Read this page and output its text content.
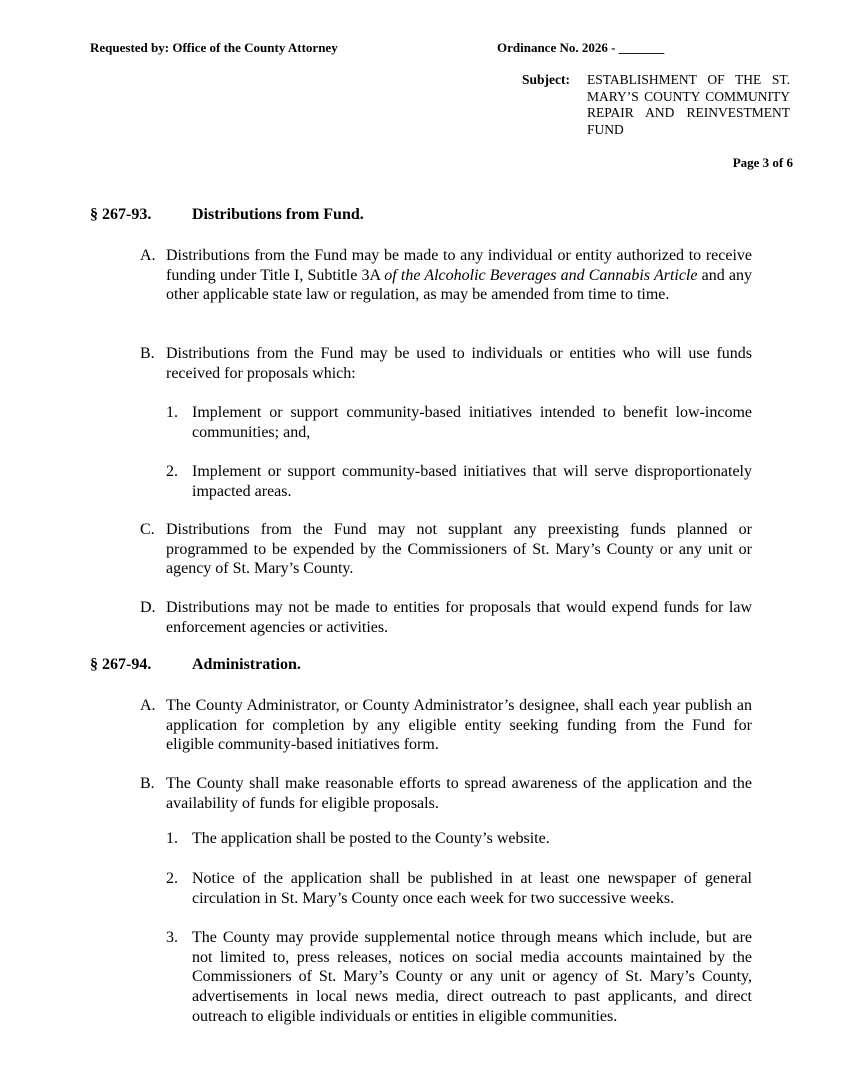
Requested by: Office of the County Attorney	Ordinance No. 2026 - _______
Subject: ESTABLISHMENT OF THE ST. MARY’S COUNTY COMMUNITY REPAIR AND REINVESTMENT FUND
Page 3 of 6
§ 267-93.	Distributions from Fund.
A. Distributions from the Fund may be made to any individual or entity authorized to receive funding under Title I, Subtitle 3A of the Alcoholic Beverages and Cannabis Article and any other applicable state law or regulation, as may be amended from time to time.
B. Distributions from the Fund may be used to individuals or entities who will use funds received for proposals which:
1. Implement or support community-based initiatives intended to benefit low-income communities; and,
2. Implement or support community-based initiatives that will serve disproportionately impacted areas.
C. Distributions from the Fund may not supplant any preexisting funds planned or programmed to be expended by the Commissioners of St. Mary’s County or any unit or agency of St. Mary’s County.
D. Distributions may not be made to entities for proposals that would expend funds for law enforcement agencies or activities.
§ 267-94.	Administration.
A. The County Administrator, or County Administrator’s designee, shall each year publish an application for completion by any eligible entity seeking funding from the Fund for eligible community-based initiatives form.
B. The County shall make reasonable efforts to spread awareness of the application and the availability of funds for eligible proposals.
1. The application shall be posted to the County’s website.
2. Notice of the application shall be published in at least one newspaper of general circulation in St. Mary’s County once each week for two successive weeks.
3. The County may provide supplemental notice through means which include, but are not limited to, press releases, notices on social media accounts maintained by the Commissioners of St. Mary’s County or any unit or agency of St. Mary’s County, advertisements in local news media, direct outreach to past applicants, and direct outreach to eligible individuals or entities in eligible communities.
